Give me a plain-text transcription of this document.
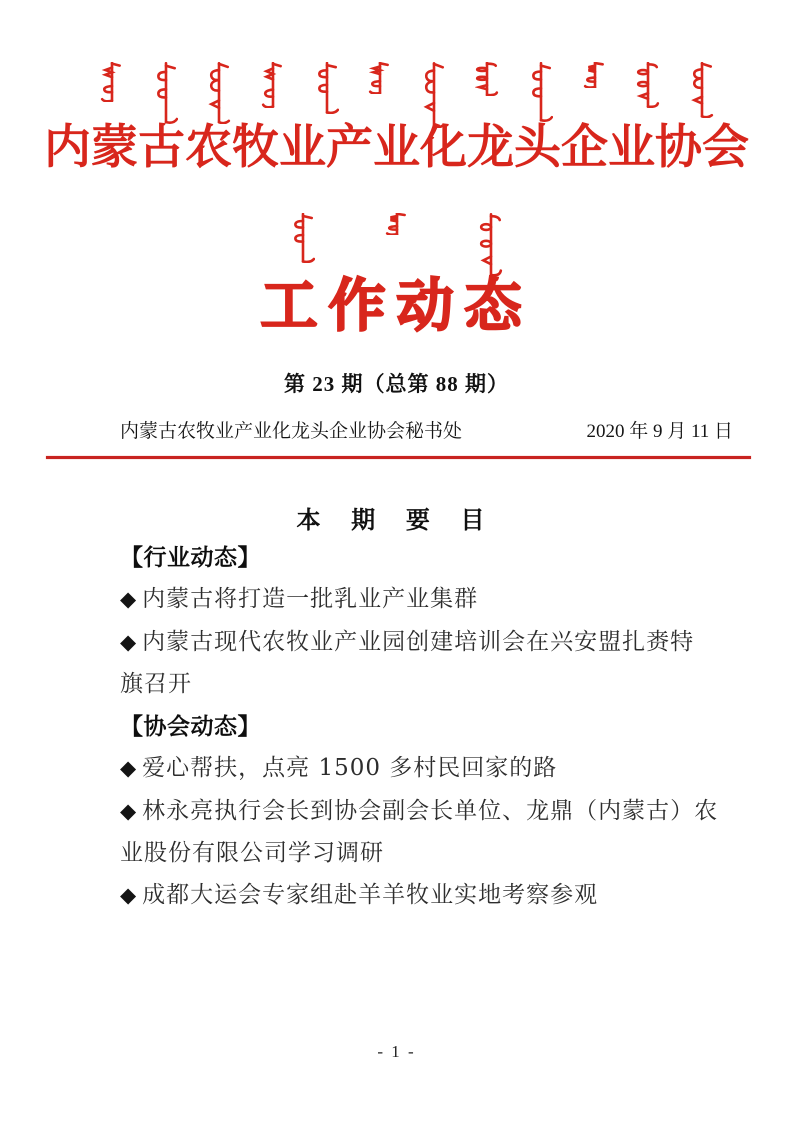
内蒙古农牧业产业化龙头企业协会
工作动态
第 23 期（总第 88 期）
内蒙古农牧业产业化龙头企业协会秘书处	2020 年 9 月 11 日
本 期 要 目
【行业动态】
◆ 内蒙古将打造一批乳业产业集群
◆ 内蒙古现代农牧业产业园创建培训会在兴安盟扎赉特
旗召开
【协会动态】
◆ 爱心帮扶，点亮 1500 多村民回家的路
◆ 林永亮执行会长到协会副会长单位、龙鼎（内蒙古）农
业股份有限公司学习调研
◆ 成都大运会专家组赴羊羊牧业实地考察参观
- 1 -
